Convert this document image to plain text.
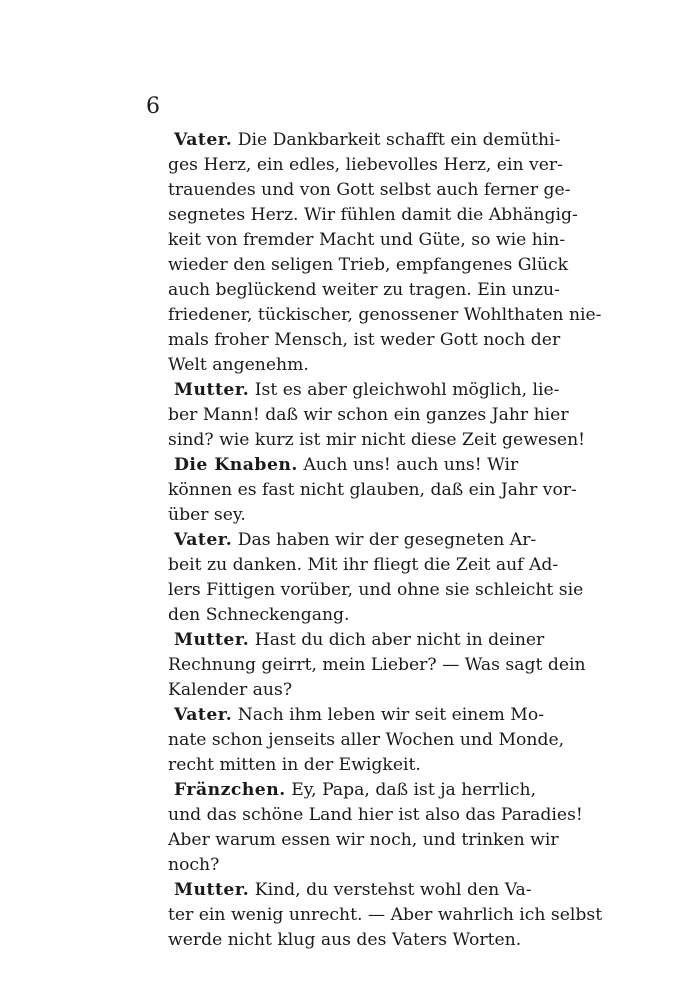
6
Vater. Die Dankbarkeit schafft ein demüthi-
ges Herz, ein edles, liebevolles Herz, ein ver-
trauendes und von Gott selbst auch ferner ge-
segnetes Herz. Wir fühlen damit die Abhängig-
keit von fremder Macht und Güte, so wie hin-
wieder den seligen Trieb, empfangenes Glück
auch beglückend weiter zu tragen. Ein unzu-
friedener, tückischer, genossener Wohlthaten nie-
mals froher Mensch, ist weder Gott noch der
Welt angenehm.
Mutter. Ist es aber gleichwohl möglich, lie-
ber Mann! daß wir schon ein ganzes Jahr hier
sind? wie kurz ist mir nicht diese Zeit gewesen!
Die Knaben. Auch uns! auch uns! Wir
können es fast nicht glauben, daß ein Jahr vor-
über sey.
Vater. Das haben wir der gesegneten Ar-
beit zu danken. Mit ihr fliegt die Zeit auf Ad-
lers Fittigen vorüber, und ohne sie schleicht sie
den Schneckengang.
Mutter. Hast du dich aber nicht in deiner
Rechnung geirrt, mein Lieber? — Was sagt dein
Kalender aus?
Vater. Nach ihm leben wir seit einem Mo-
nate schon jenseits aller Wochen und Monde,
recht mitten in der Ewigkeit.
Fränzchen. Ey, Papa, daß ist ja herrlich,
und das schöne Land hier ist also das Paradies!
Aber warum essen wir noch, und trinken wir
noch?
Mutter. Kind, du verstehst wohl den Va-
ter ein wenig unrecht. — Aber wahrlich ich selbst
werde nicht klug aus des Vaters Worten.
